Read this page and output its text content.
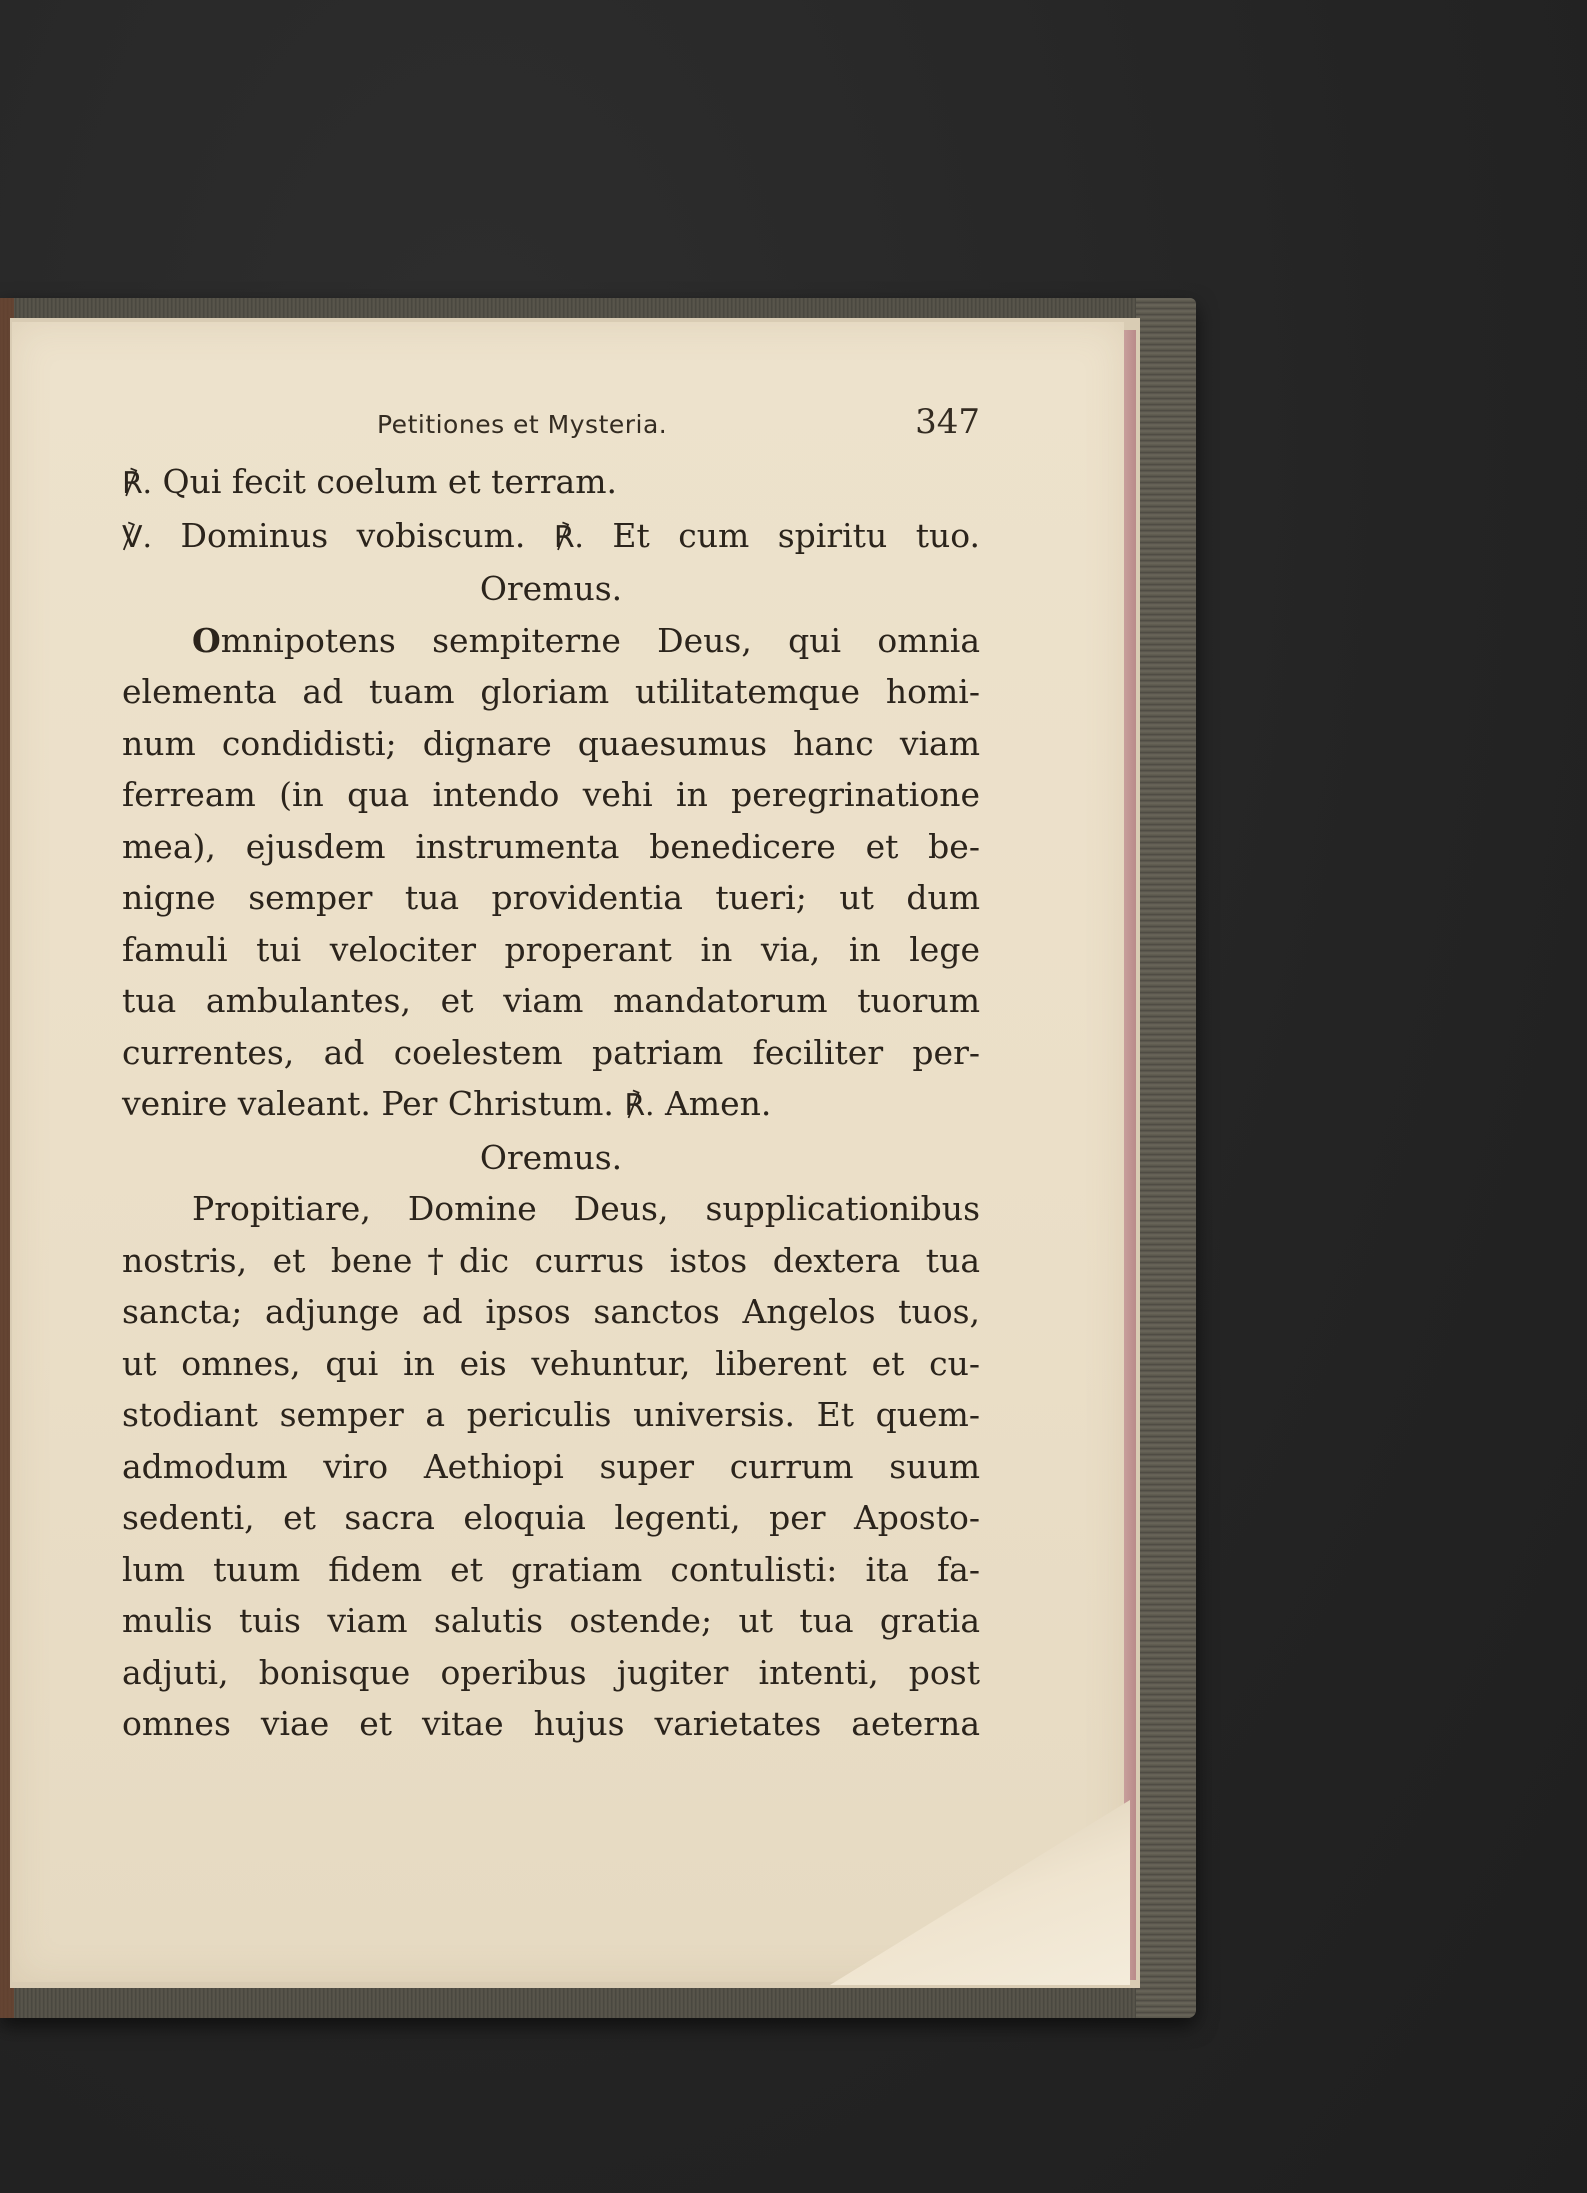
Petitiones et Mysteria.	347
℟. Qui fecit coelum et terram.
℣. Dominus vobiscum. ℟. Et cum spiritu tuo.
Oremus.
Omnipotens sempiterne Deus, qui omnia
elementa ad tuam gloriam utilitatemque homi-
num condidisti; dignare quaesumus hanc viam
ferream (in qua intendo vehi in peregrinatione
mea), ejusdem instrumenta benedicere et be-
nigne semper tua providentia tueri; ut dum
famuli tui velociter properant in via, in lege
tua ambulantes, et viam mandatorum tuorum
currentes, ad coelestem patriam feciliter per-
venire valeant. Per Christum. ℟. Amen.
Oremus.
Propitiare, Domine Deus, supplicationibus
nostris, et bene†dic currus istos dextera tua
sancta; adjunge ad ipsos sanctos Angelos tuos,
ut omnes, qui in eis vehuntur, liberent et cu-
stodiant semper a periculis universis. Et quem-
admodum viro Aethiopi super currum suum
sedenti, et sacra eloquia legenti, per Aposto-
lum tuum fidem et gratiam contulisti: ita fa-
mulis tuis viam salutis ostende; ut tua gratia
adjuti, bonisque operibus jugiter intenti, post
omnes viae et vitae hujus varietates aeterna
